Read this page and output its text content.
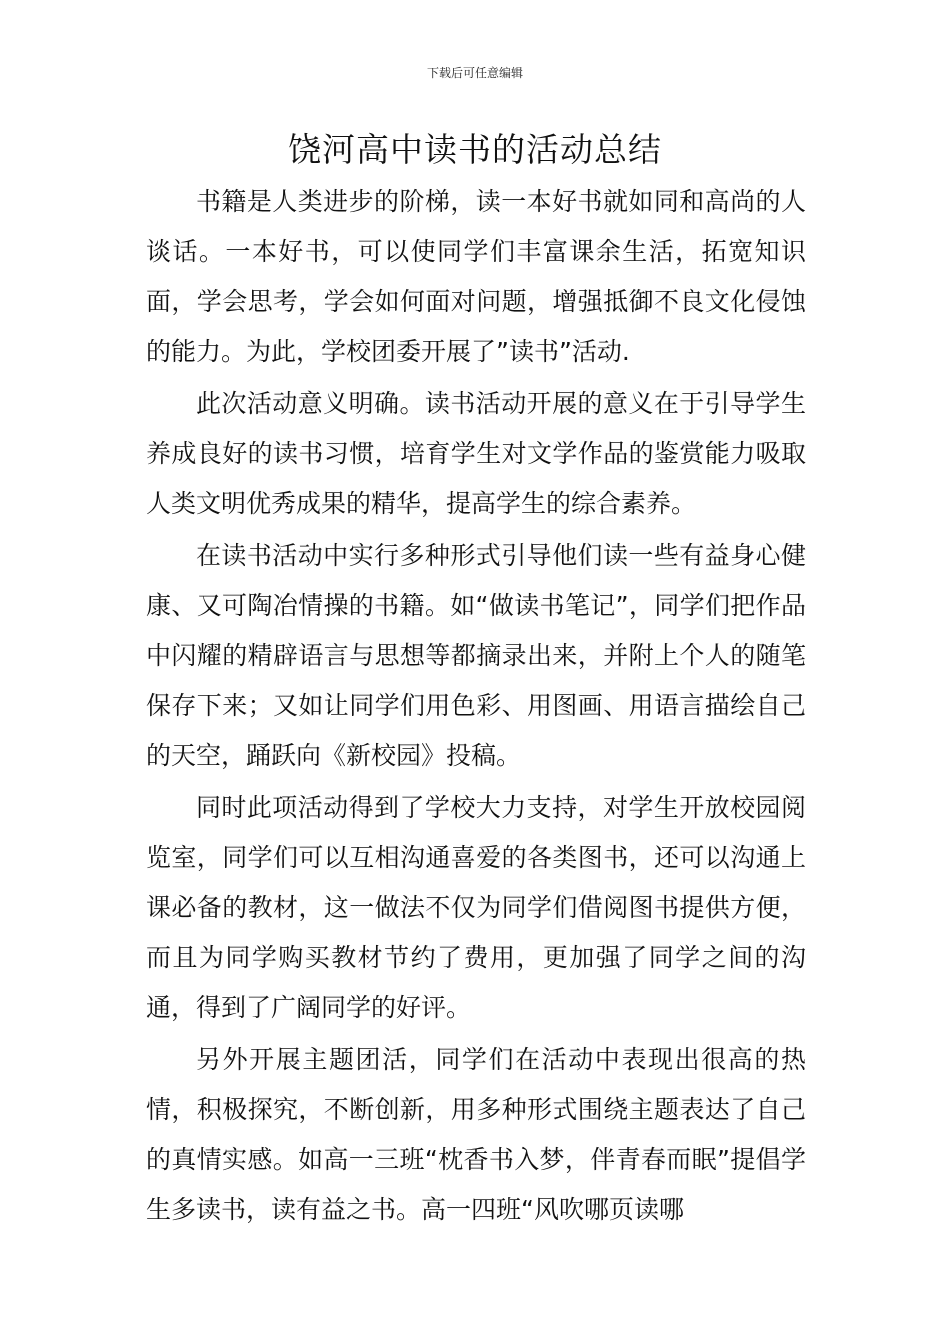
下载后可任意编辑
饶河高中读书的活动总结

书籍是人类进步的阶梯，读一本好书就如同和高尚的人谈话。一本好书，可以使同学们丰富课余生活，拓宽知识面，学会思考，学会如何面对问题，增强抵御不良文化侵蚀的能力。为此，学校团委开展了”读书”活动.

此次活动意义明确。读书活动开展的意义在于引导学生养成良好的读书习惯，培育学生对文学作品的鉴赏能力吸取人类文明优秀成果的精华，提高学生的综合素养。

在读书活动中实行多种形式引导他们读一些有益身心健康、又可陶冶情操的书籍。如“做读书笔记”，同学们把作品中闪耀的精辟语言与思想等都摘录出来，并附上个人的随笔保存下来；又如让同学们用色彩、用图画、用语言描绘自己的天空，踊跃向《新校园》投稿。

同时此项活动得到了学校大力支持，对学生开放校园阅览室，同学们可以互相沟通喜爱的各类图书，还可以沟通上课必备的教材，这一做法不仅为同学们借阅图书提供方便，而且为同学购买教材节约了费用，更加强了同学之间的沟通，得到了广阔同学的好评。

另外开展主题团活，同学们在活动中表现出很高的热情，积极探究，不断创新，用多种形式围绕主题表达了自己的真情实感。如高一三班“枕香书入梦，伴青春而眠”提倡学生多读书，读有益之书。高一四班“风吹哪页读哪
